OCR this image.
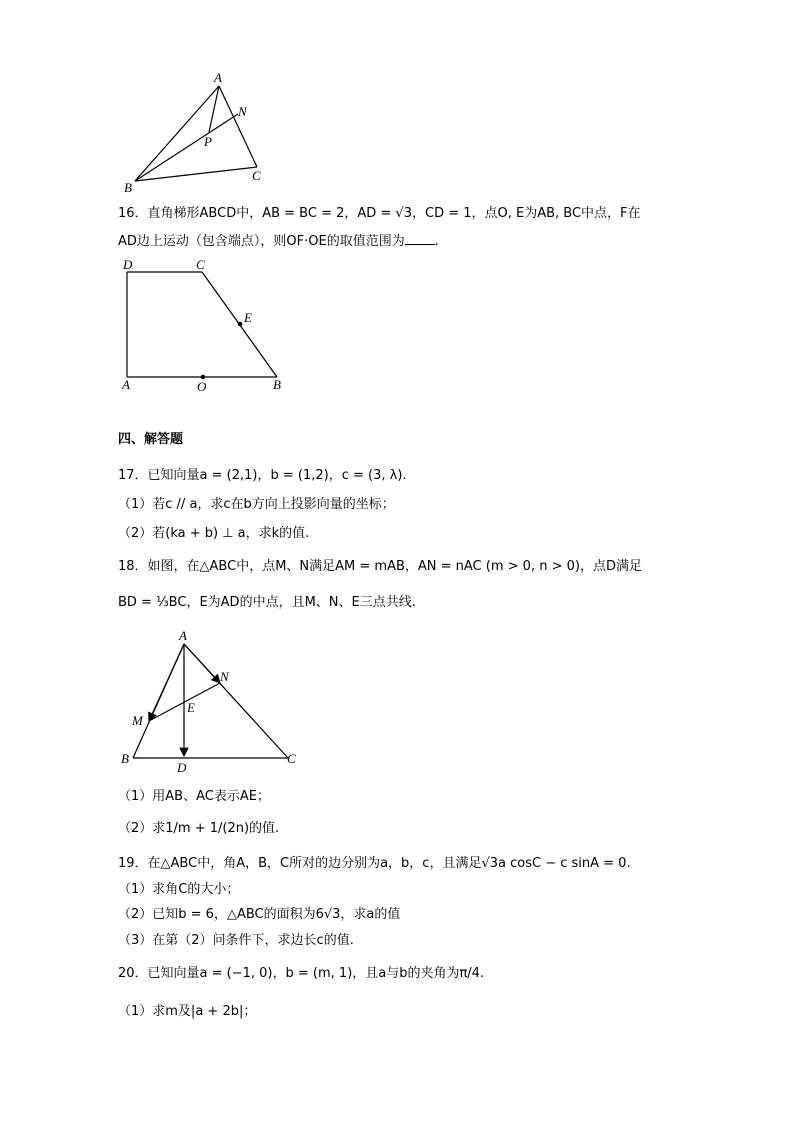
A
N
P
B
C
16．直角梯形ABCD中，AB = BC = 2，AD = √3，CD = 1，点O, E为AB, BC中点，F在
AD边上运动（包含端点），则OF·OE的取值范围为 .
D	C
E
A	O	B
四、解答题
17．已知向量a = (2,1)，b = (1,2)，c = (3, λ).
（1）若c // a，求c在b方向上投影向量的坐标；
（2）若(ka + b) ⊥ a，求k的值.
18．如图，在△ABC中，点M、N满足AM = mAB，AN = nAC (m > 0, n > 0)，点D满足
BD = ⅓BC，E为AD的中点，且M、N、E三点共线.
A
N
M
E
B
D
C
（1）用AB、AC表示AE；
（2）求1/m + 1/(2n)的值.
19．在△ABC中，角A，B，C所对的边分别为a，b，c，且满足√3a cosC − c sinA = 0.
（1）求角C的大小；
（2）已知b = 6，△ABC的面积为6√3，求a的值
（3）在第（2）问条件下，求边长c的值.
20．已知向量a = (−1, 0)，b = (m, 1)，且a与b的夹角为π/4.
（1）求m及|a + 2b|；
